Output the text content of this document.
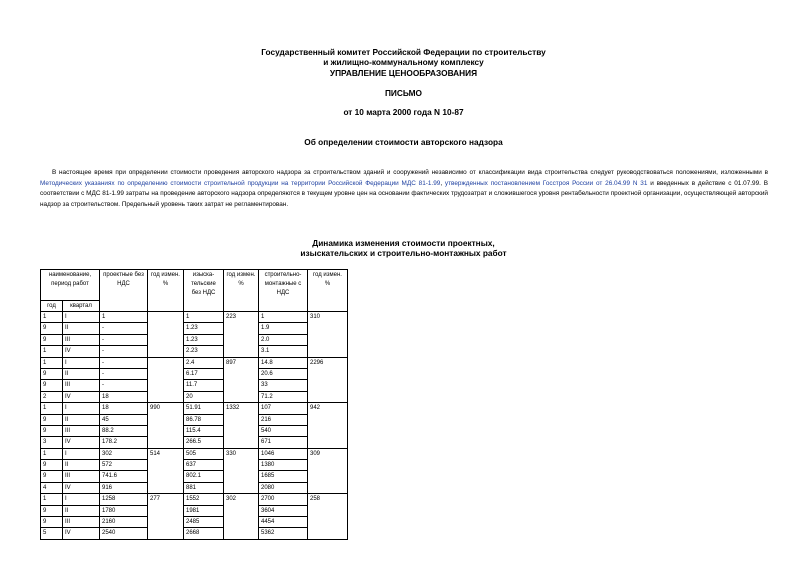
Государственный комитет Российской Федерации по строительству
и жилищно-коммунальному комплексу
УПРАВЛЕНИЕ ЦЕНООБРАЗОВАНИЯ
ПИСЬМО
от 10 марта 2000 года N 10-87
Об определении стоимости авторского надзора
В настоящее время при определении стоимости проведения авторского надзора за строительством зданий и сооружений независимо от классификации вида строительства следует руководствоваться положениями, изложенными в Методических указаниях по определению стоимости строительной продукции на территории Российской Федерации МДС 81-1.99, утвержденных постановлением Госстроя России от 26.04.99 N 31 и введенных в действие с 01.07.99. В соответствии с МДС 81-1.99 затраты на проведение авторского надзора определяются в текущем уровне цен на основании фактических трудозатрат и сложившегося уровня рентабельности проектной организации, осуществляющей авторский надзор за строительством. Предельный уровень таких затрат не регламентирован.
Динамика изменения стоимости проектных,
изыскательских и строительно-монтажных работ
наименование, период работ		проектные без НДС	год измен. %	изыска-тельские без НДС	год измен. %	строительно-монтажные с НДС	год измен. %
год	квартал						
1	I	1		1	223	1	310
9	II	-		1.23		1.9	
9	III	-		1.23		2.0	
1	IV	-		2.23		3.1	
1	I	-		2.4	897	14.8	2296
9	II	-		6.17		20.6	
9	III	-		11.7		33	
2	IV	18		20		71.2	
1	I	18	990	51.91	1332	107	942
9	II	45		86.78		216	
9	III	88.2		115.4		540	
3	IV	178.2		266.5		671	
1	I	302	514	505	330	1046	309
9	II	572		637		1380	
9	III	741.6		802.1		1685	
4	IV	916		881		2080	
1	I	1258	277	1552	302	2700	258
9	II	1780		1981		3604	
9	III	2160		2485		4454	
5	IV	2540		2668		5362	
